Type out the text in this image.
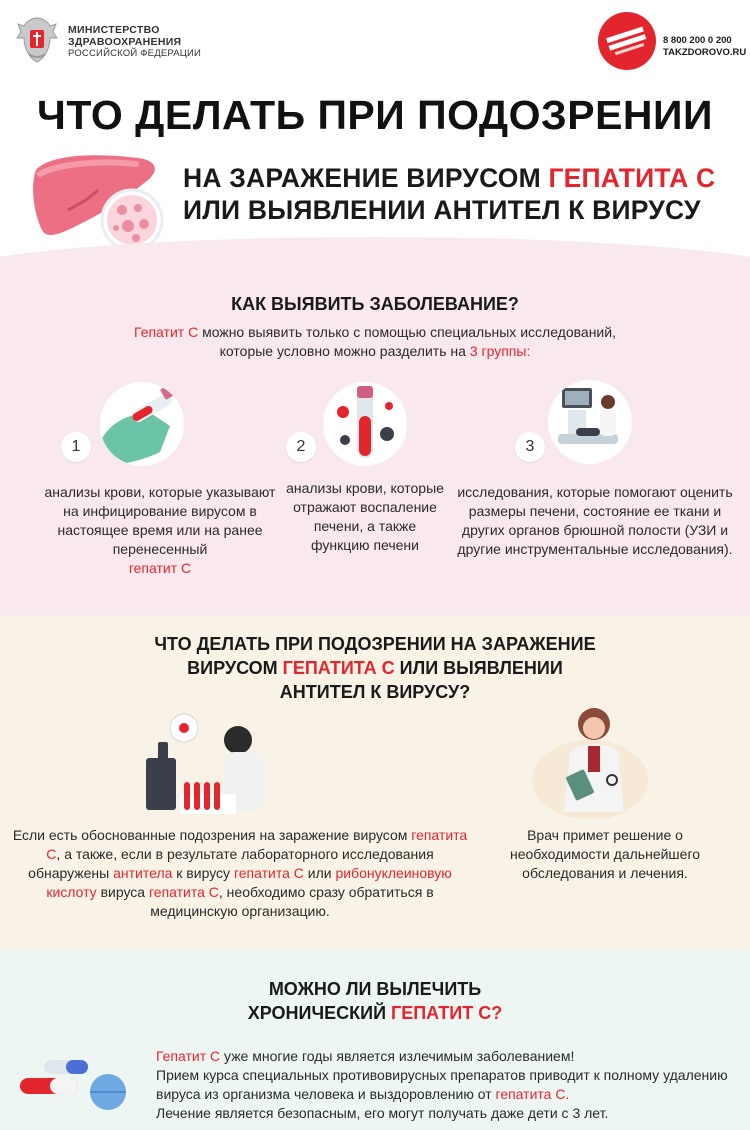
МИНИСТЕРСТВО
ЗДРАВООХРАНЕНИЯ
РОССИЙСКОЙ ФЕДЕРАЦИИ
8 800 200 0 200
TAKZDOROVO.RU
ЧТО ДЕЛАТЬ ПРИ ПОДОЗРЕНИИ
НА ЗАРАЖЕНИЕ ВИРУСОМ ГЕПАТИТА С
ИЛИ ВЫЯВЛЕНИИ АНТИТЕЛ К ВИРУСУ
КАК ВЫЯВИТЬ ЗАБОЛЕВАНИЕ?
Гепатит С можно выявить только с помощью специальных исследований, которые условно можно разделить на 3 группы:
1
анализы крови, которые указывают на инфицирование вирусом в настоящее время или на ранее перенесенный
гепатит С
2
анализы крови, которые отражают воспаление печени, а также функцию печени
3
исследования, которые помогают оценить размеры печени, состояние ее ткани и других органов брюшной полости (УЗИ и другие инструментальные исследования).
ЧТО ДЕЛАТЬ ПРИ ПОДОЗРЕНИИ НА ЗАРАЖЕНИЕ
ВИРУСОМ ГЕПАТИТА С ИЛИ ВЫЯВЛЕНИИ
АНТИТЕЛ К ВИРУСУ?
Если есть обоснованные подозрения на заражение вирусом гепатита С, а также, если в результате лабораторного исследования обнаружены антитела к вирусу гепатита С или рибонуклеиновую кислоту вируса гепатита С, необходимо сразу обратиться в медицинскую организацию.
Врач примет решение о необходимости дальнейшего обследования и лечения.
МОЖНО ЛИ ВЫЛЕЧИТЬ
ХРОНИЧЕСКИЙ ГЕПАТИТ С?
Гепатит С уже многие годы является излечимым заболеванием!
Прием курса специальных противовирусных препаратов приводит к полному удалению вируса из организма человека и выздоровлению от гепатита С.
Лечение является безопасным, его могут получать даже дети с 3 лет.
